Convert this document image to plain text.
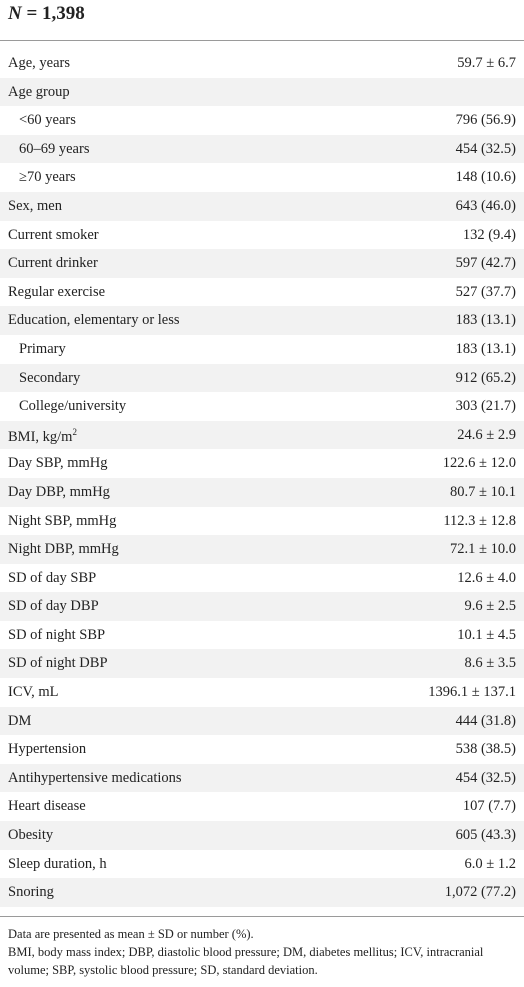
N = 1,398
Age, years	59.7 ± 6.7
Age group
<60 years	796 (56.9)
60–69 years	454 (32.5)
≥70 years	148 (10.6)
Sex, men	643 (46.0)
Current smoker	132 (9.4)
Current drinker	597 (42.7)
Regular exercise	527 (37.7)
Education, elementary or less	183 (13.1)
Primary	183 (13.1)
Secondary	912 (65.2)
College/university	303 (21.7)
BMI, $kg/m^2$	24.6 ± 2.9
Day SBP, mmHg	122.6 ± 12.0
Day DBP, mmHg	80.7 ± 10.1
Night SBP, mmHg	112.3 ± 12.8
Night DBP, mmHg	72.1 ± 10.0
SD of day SBP	12.6 ± 4.0
SD of day DBP	9.6 ± 2.5
SD of night SBP	10.1 ± 4.5
SD of night DBP	8.6 ± 3.5
ICV, mL	1396.1 ± 137.1
DM	444 (31.8)
Hypertension	538 (38.5)
Antihypertensive medications	454 (32.5)
Heart disease	107 (7.7)
Obesity	605 (43.3)
Sleep duration, h	6.0 ± 1.2
Snoring	1,072 (77.2)

Data are presented as mean ± SD or number (%).

BMI, body mass index; DBP, diastolic blood pressure; DM, diabetes mellitus; ICV, intracranial volume; SBP, systolic blood pressure; SD, standard deviation.
